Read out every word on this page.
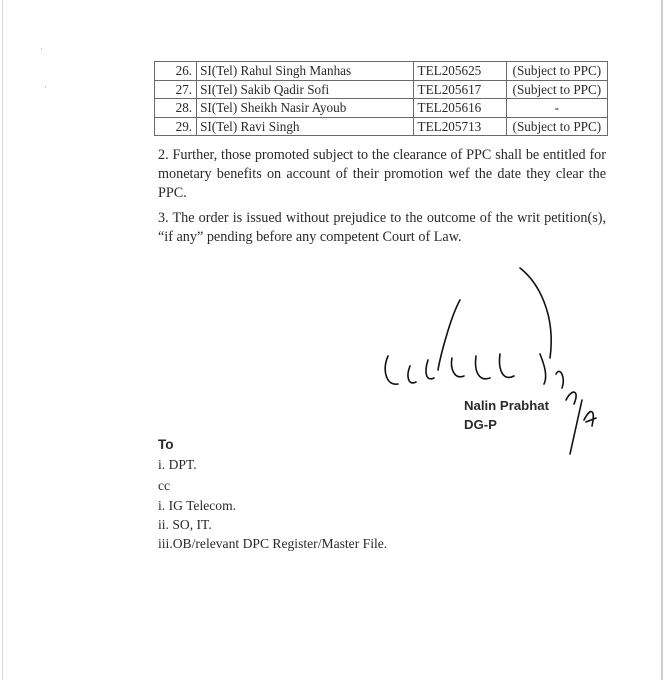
·
·
26.	SI(Tel) Rahul Singh Manhas	TEL205625	(Subject to PPC)
27.	SI(Tel) Sakib Qadir Sofi	TEL205617	(Subject to PPC)
28.	SI(Tel) Sheikh Nasir Ayoub	TEL205616	-
29.	SI(Tel) Ravi Singh	TEL205713	(Subject to PPC)

2. Further, those promoted subject to the clearance of PPC shall be entitled for monetary benefits on account of their promotion wef the date they clear the PPC.

3. The order is issued without prejudice to the outcome of the writ petition(s), “if any” pending before any competent Court of Law.

Nalin Prabhat
DG-P
To
i. DPT.
cc
i. IG Telecom.
ii. SO, IT.
iii.OB/relevant DPC Register/Master File.
